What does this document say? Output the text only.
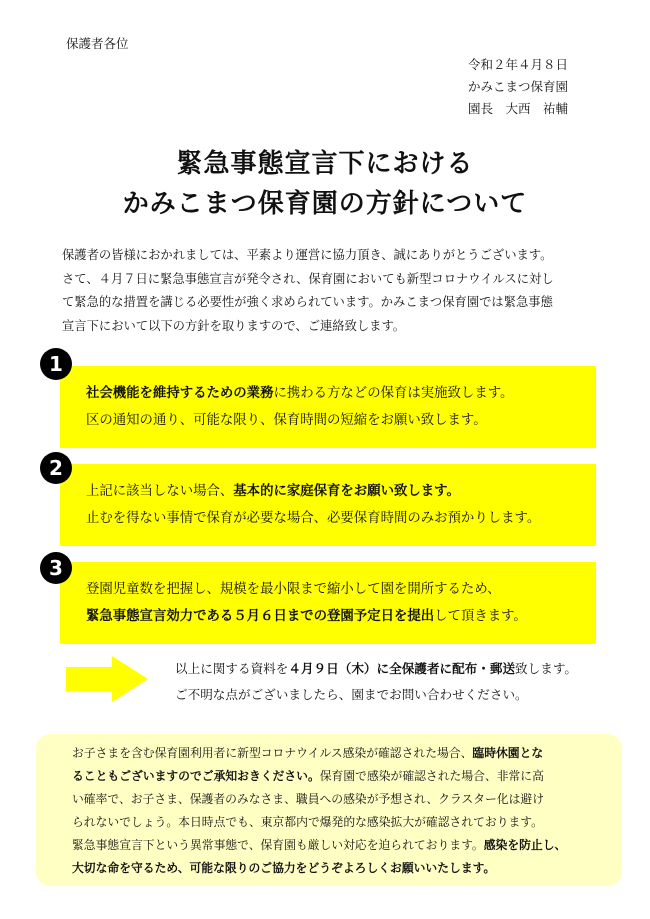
保護者各位
令和２年４月８日
かみこまつ保育園
園長　大西　祐輔
緊急事態宣言下における
かみこまつ保育園の方針について
保護者の皆様におかれましては、平素より運営に協力頂き、誠にありがとうございます。
さて、４月７日に緊急事態宣言が発令され、保育園においても新型コロナウイルスに対し
て緊急的な措置を講じる必要性が強く求められています。かみこまつ保育園では緊急事態
宣言下において以下の方針を取りますので、ご連絡致します。
社会機能を維持するための業務に携わる方などの保育は実施致します。
区の通知の通り、可能な限り、保育時間の短縮をお願い致します。
1
上記に該当しない場合、基本的に家庭保育をお願い致します。
止むを得ない事情で保育が必要な場合、必要保育時間のみお預かりします。
2
登園児童数を把握し、規模を最小限まで縮小して園を開所するため、
緊急事態宣言効力である５月６日までの登園予定日を提出して頂きます。
3
以上に関する資料を４月９日（木）に全保護者に配布・郵送致します。
ご不明な点がございましたら、園までお問い合わせください。
お子さまを含む保育園利用者に新型コロナウイルス感染が確認された場合、臨時休園とな
ることもございますのでご承知おきください。保育園で感染が確認された場合、非常に高
い確率で、お子さま、保護者のみなさま、職員への感染が予想され、クラスター化は避け
られないでしょう。本日時点でも、東京都内で爆発的な感染拡大が確認されております。
緊急事態宣言下という異常事態で、保育園も厳しい対応を迫られております。感染を防止し、
大切な命を守るため、可能な限りのご協力をどうぞよろしくお願いいたします。
